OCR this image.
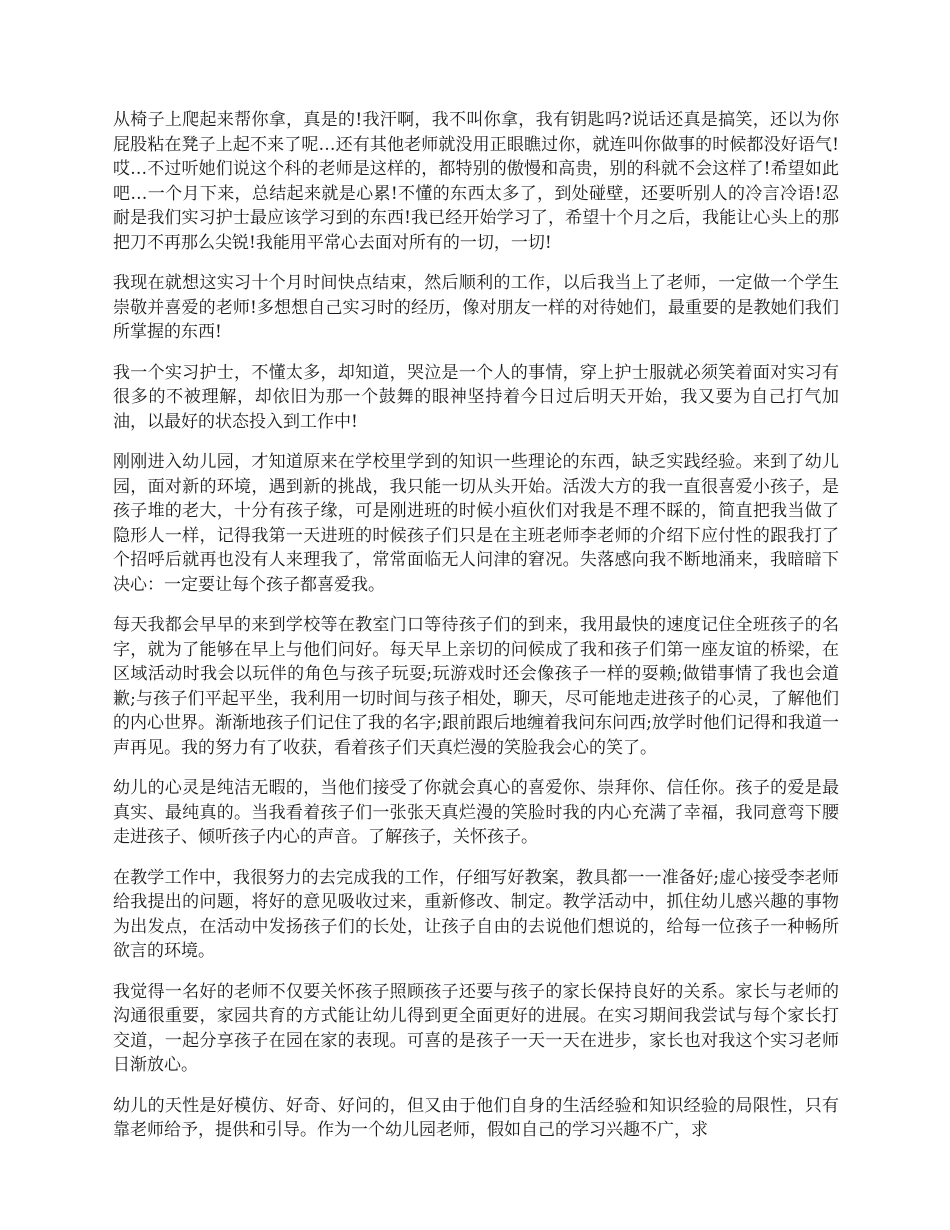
从椅子上爬起来帮你拿，真是的!我汗啊，我不叫你拿，我有钥匙吗?说话还真是搞笑，还以为你屁股粘在凳子上起不来了呢…还有其他老师就没用正眼瞧过你，就连叫你做事的时候都没好语气!哎…不过听她们说这个科的老师是这样的，都特别的傲慢和高贵，别的科就不会这样了!希望如此吧…一个月下来，总结起来就是心累!不懂的东西太多了，到处碰壁，还要听别人的冷言冷语!忍耐是我们实习护士最应该学习到的东西!我已经开始学习了，希望十个月之后，我能让心头上的那把刀不再那么尖锐!我能用平常心去面对所有的一切，一切!

我现在就想这实习十个月时间快点结束，然后顺利的工作，以后我当上了老师，一定做一个学生崇敬并喜爱的老师!多想想自己实习时的经历，像对朋友一样的对待她们，最重要的是教她们我们所掌握的东西!

我一个实习护士，不懂太多，却知道，哭泣是一个人的事情，穿上护士服就必须笑着面对实习有很多的不被理解，却依旧为那一个鼓舞的眼神坚持着今日过后明天开始，我又要为自己打气加油，以最好的状态投入到工作中!

刚刚进入幼儿园，才知道原来在学校里学到的知识一些理论的东西，缺乏实践经验。来到了幼儿园，面对新的环境，遇到新的挑战，我只能一切从头开始。活泼大方的我一直很喜爱小孩子，是孩子堆的老大，十分有孩子缘，可是刚进班的时候小疸伙们对我是不理不睬的，简直把我当做了隐形人一样，记得我第一天进班的时候孩子们只是在主班老师李老师的介绍下应付性的跟我打了个招呼后就再也没有人来理我了，常常面临无人问津的窘况。失落感向我不断地涌来，我暗暗下决心：一定要让每个孩子都喜爱我。

每天我都会早早的来到学校等在教室门口等待孩子们的到来，我用最快的速度记住全班孩子的名字，就为了能够在早上与他们问好。每天早上亲切的问候成了我和孩子们第一座友谊的桥梁，在区域活动时我会以玩伴的角色与孩子玩耍;玩游戏时还会像孩子一样的耍赖;做错事情了我也会道歉;与孩子们平起平坐，我利用一切时间与孩子相处，聊天，尽可能地走进孩子的心灵，了解他们的内心世界。渐渐地孩子们记住了我的名字;跟前跟后地缠着我问东问西;放学时他们记得和我道一声再见。我的努力有了收获，看着孩子们天真烂漫的笑脸我会心的笑了。

幼儿的心灵是纯洁无暇的，当他们接受了你就会真心的喜爱你、崇拜你、信任你。孩子的爱是最真实、最纯真的。当我看着孩子们一张张天真烂漫的笑脸时我的内心充满了幸福，我同意弯下腰走进孩子、倾听孩子内心的声音。了解孩子，关怀孩子。

在教学工作中，我很努力的去完成我的工作，仔细写好教案，教具都一一准备好;虚心接受李老师给我提出的问题，将好的意见吸收过来，重新修改、制定。教学活动中，抓住幼儿感兴趣的事物为出发点，在活动中发扬孩子们的长处，让孩子自由的去说他们想说的，给每一位孩子一种畅所欲言的环境。

我觉得一名好的老师不仅要关怀孩子照顾孩子还要与孩子的家长保持良好的关系。家长与老师的沟通很重要，家园共育的方式能让幼儿得到更全面更好的进展。在实习期间我尝试与每个家长打交道，一起分享孩子在园在家的表现。可喜的是孩子一天一天在进步，家长也对我这个实习老师日渐放心。

幼儿的天性是好模仿、好奇、好问的，但又由于他们自身的生活经验和知识经验的局限性，只有靠老师给予，提供和引导。作为一个幼儿园老师，假如自己的学习兴趣不广，求
